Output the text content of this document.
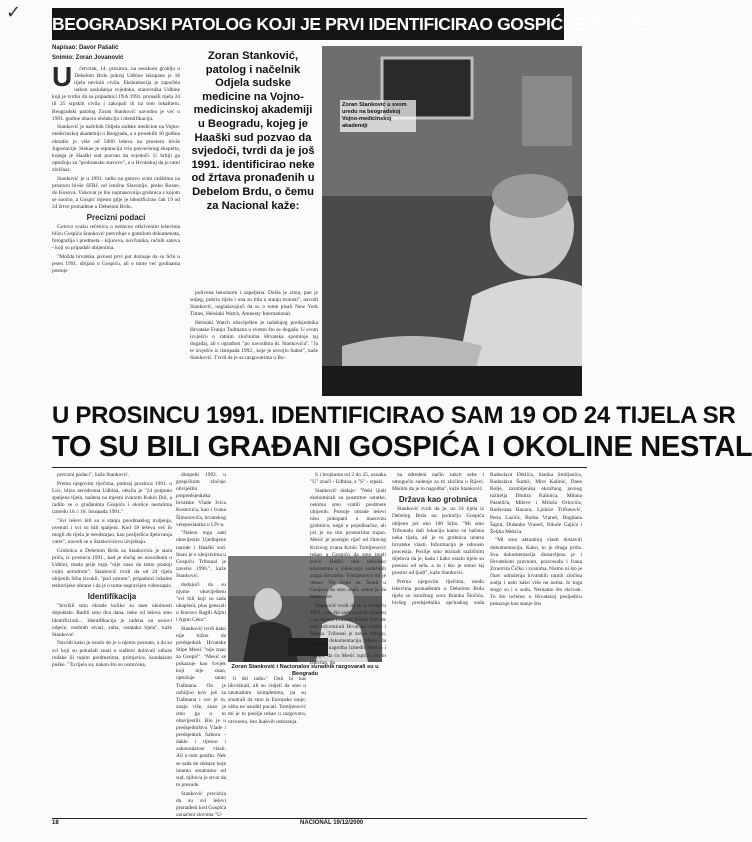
✓
BEOGRADSKI PATOLOG KOJI JE PRVI IDENTIFICIRAO GOSPIĆKE ŽRTVE
Napisao: Davor Pašalić
Snimio: Zoran Jovanović
U	četvrtak, 14. prosinca, na seoskom groblju u Debelom Brdu pokraj Udbine iskopano je 18 tijela nevinih civila. Ekshumacija je započeta nakon saslušanja svjedoka, stanovnika Udbine koji je tvrdio da su pripadnici JNA 1991. pronašli tijela 24 ili 25 srpskih civila i zakopali ih na tom lokalitetu. Beogradski patolog Zoran Stanković navodno je već u 1991. godine obavio obdukciju i identifikaciju.

Stanković je načelnik Odjela sudske medicine na Vojno-medicinskoj akademiji u Beogradu, a u protekilh 10 godina obradio je više od 5000 leševa na prostoru bivše Jugoslavije. Stekao je reputaciju vrlo posvećenog eksperta, kojega je Haaški sud pozvao da svjedoči. U Srbiji ga optužuju za "probranske stavove", a u Hrvatskoj da je ratni zločinac.

Stanković je u 1991. radio na gotovo svim ratištima na prostoru bivše SFRJ, od istočne Slavonije, preko Bosne, do Kosova. Vukovar je bio najmasovnija grobnica s kojom se suočio, a Gospić mjesto gdje je identificirao čak 19 od 24 žrtve pronađene u Debelom Brdu.

Precizni podaci

Gotovo svaku rečenicu o nedavno otkrivenim leševima blizu Gospića Stanković potvrđuje s gomilom dokumenata, fotografija i predmeta - kljuceva, novčanika, ručnih satova - koji su pripadali ubijenima.

"Možda hrvatska javnost prvi put doznaje da su Srbi u jesen 1991. ubijani u Gospiću, ali o tome već godinama postoje

Zoran Stanković, patolog i načelnik Odjela sudske medicine na Vojno-medicinskoj akademiji u Beogradu, kojeg je Haaški sud pozvao da svjedoči, tvrdi da je još 1991. identificirao neke od žrtava pronađenih u Debelom Brdu, o čemu za Nacional kaže:

polivena benzinom i zapaljena. Došla je zima, pao je snijeg, pokrio tijela i ona su bila u stanju trulosti", navodi Stanković, naglašavajući da su o tome pisali New York Times, Helsinki Watch, Amnesty International.

Helsinki Watch obaviješten je tadašnjeg predsjednika Hrvatske Franju Tuđmana o svemu što se događa. U svom izvješću o ratnim zločinima Hrvatska spominje taj događaj, ali s ograđom "po navodima dr. Stankovića". "Ja te izvješće iz listopada 1992., koje je usvojio Sabor", kaže Stanković. Tvrdi da je sa razgovarima u Bu-

Zoran Stanković u svom uredu na beogradskoj Vojno-medicinskoj akademiji
U PROSINCU 1991. IDENTIFICIRAO SAM 19 OD 24 TIJELA SR
TO SU BILI GRAĐANI GOSPIĆA I OKOLINE NESTAL

precizni podaci", kaže Stanković.

Prema njegovim riječima, potkraj prosinca 1991. u Lici, blizu aerodroma Udbina, otkrila je "24 potpuno spaljena tijela, nađena na mjestu zvanom Kukin Dol, a radilo se o građanima Gospića i okolice nestalima između 16. i 18. listopada 1991."

"Svi leševi bili su u stanju poodmaklog truljenja, uvenuti i svi su bili spaljeni. Kod 18 leševa već ih mogli do tijela je neodstajao, kao posljedica djelovanja vatre", navodi se u Stankovićevu izvještaju.

Grobnica u Debelom Brdu za Stankovića je stara priča, iz prosinca 1991., kad je slučaj ne navodnom u Udbini, mada prije toga "nije znao da tamo postoji vojni aerodrom". Stanković tvrdi da od 24 tijela ubijenih Srba izvukli, "pod vatrom", pripadnici lokalne teritorijske obrane i da je o tome napravljen videozapis.

Identifikacija

"Izvršili smo obrade koliko su nam okolnosti dopuštale. Radili smo dva dana, neke od leševa smo identificirali... Identifikacija je rađena na osnovi odjeće, osobnih stvari, zuba, ostataka tijela", kaže Stanković.

Navodi kako je ostalo do je u njemu poznato, a da su svi koji su pokušali znati o sudbini dobivali odlaze rođake ili tupim predmetima, primjerice, kundakom puške. "Ta tijela su, nakon što su usmrćena,

dimpelti 1992. u gospićkom zločajo obviještio potpredsjednika hrvatske Vlade Ivica Kostovića, kao i Ivana Šimonovića, hrvatskog veleposlanika u UN-u.

"Nakon toga sam obavijestio Ujedinjene narode i Haaški sud. Imao je o ubojstvima u Gospiću Tribunal je zavelio 1996.", kaže Stanković,

dodajući da su njome obaviješteni "svi bili koji su sada uhapšeni, plus generali u Korovo Ragih Aljmi i Agim Ceku".

Stanković tvrdi kako nije tužno da predsjednik Hrvatske Stipe Mesić "nije znao za Gospić". "Mesić se pokazuje kao čovjek koji nije znao, optužuje samo Tuđmana. On je ozbiljno kriv još za Tuđmana i sve je to, znaju više, znao je smo ga u to obavijestili. Bio je u predsjedništvu Vlade i predsjednik Sabora - dakle i tijesno i zakonodavne vlasti. Ali o tom ponšto. Nek se sada do dokaze koje imamo smatramo od sud, njihova je stvar da to presude.

Stanković precizira da su svi leševi pronađeni kod Gospića označeni slovima "U-

Zoran Stanković i Nacionalov suradnik razgovarali su u Beogradu

li išti radio." Onii bi nas likvidirali, ali su vidjeli da smo u neutralnim kompletima, pa su smatrali da smo iz Europske unije, ništa ne usuditi pucati. Tomljenović mi je to poslije rekao u razgovoru, otvoreno, bez ikakvih ustezanja.

S i brojkama od 2 do 25, oznaka "U" znači - Udbina, a "S" - srpski.

Stanković dodaje: "Neki ljudi ekshumirali su posmrtne ostatke, nekima smo vratili predmete ubijenih. Postoje obrade leševi nisu pokopani u masovnu grobnicu, negó u pojedinačne, ali još je na tim prostorima trajao. Mesić je postiglo riječ od čitavog Krizvog zvana Krnlo Tomljenović rekao u Gospiću da smo imali sreće. Radili smo nekoliko kilometara u vidokrugu ondašnjih snaga Hrvatske. Tomljenović mi je rekao: 'Ne bojte se. Šetali u Gospiću da smo znali, rekao je da bismo sve

Stanković tvrdi da su u Gospiću 1991. kao što sada postoji spomen i na mjestu zvanom Kukin Dol tek smo informirali Hrvatsku vojsku i Haaga. Tribunal je zaveo istragu, ona sve dokumentaciju. Mislio da je to se nagodba između Mesića i Haaga, da ću Mesić ispriča što bi ispričao, da

na odredeni način zakrit sebe i omogućio sudenje za tri zločina u Rijeci. Mislim da je to nagodba", kaže Stanković.

Država kao grobnica

Stanković tvrdi da je, uz 24 tijela iz Debelog Brda na području Gospića ubijeno još oko 100 Srba. "Mi smo Tribunalu dali lokaciju kamo su bačena neka tijela, ali je to grobnica unutra hrvatske vlasti. Informacija je odnosio procesija. Poslije smo doznali različitim dijelova da je, kada i kako ostalo tijelo su prenosi od sela, a to i tko je smuo taj prostor od ljudi", kaže Stanković.

Prema njegovim riječima, među leševima pronađenim u Debelom Brdu tijela su istražnog suca Branka Šinčića, bivšeg predsjednika općinskog suda Radoslava Diklića, Stanka Smiljanića, Radoslava Šumić, Mire Kalinić, Dane Bolje, zarobljenika okružnog javnog tužitelja Dmitra Kalinića, Milana Pastelića, Mileve i Miloša Orlovića, Radovana Bacaca, Ljubice Trifunović, Petra Lazića, Borka Vraneš, Bogdana Šaput, Dušanke Vraneš, Nikole Gajića i Željka Mekića.

"Mi smo aktualnoj vlasti dostavili dokumentaciju. Kako, to je druga priča. Sva dokumentacija dostavljena je i Hrvatskom pravnom, pravosuđu i Irana Zrnorrira Čičko i zvanima. Nismo ni što je čitav udruženja hrvatskih ratnih zločina sudja i neki kako više ne nema. Iz toga stogo su i u sudu, Nemamo što skrivati. To što rečemo o Hrvatskoj posljedicu pokazuje kao stanje štis

18	NACIONAL 19/12/2000
